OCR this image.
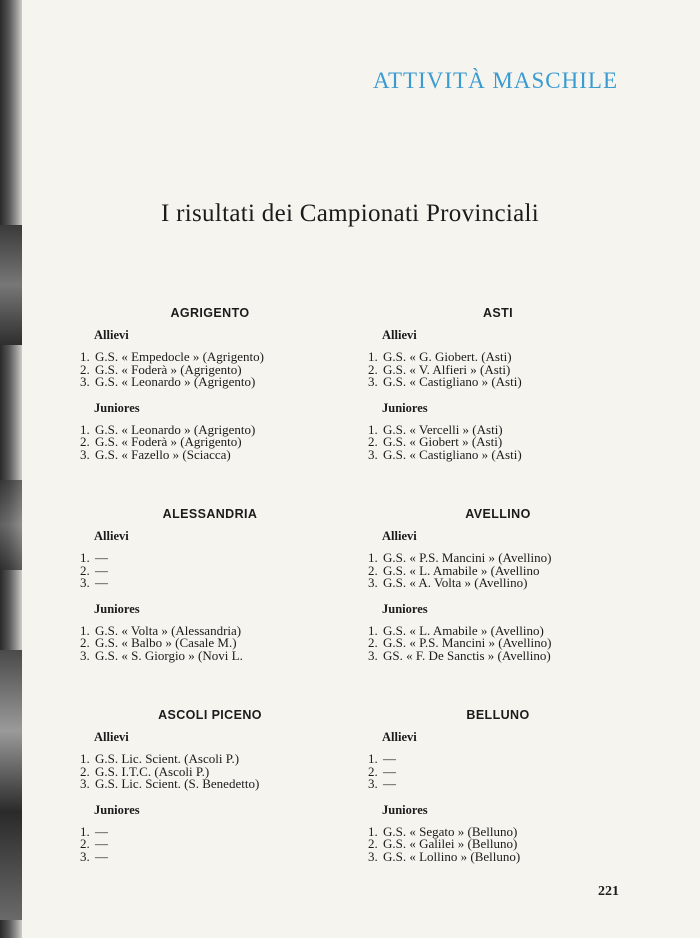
ATTIVITÀ MASCHILE
I risultati dei Campionati Provinciali
AGRIGENTO
Allievi
1. G.S. « Empedocle » (Agrigento)
2. G.S. « Foderà » (Agrigento)
3. G.S. « Leonardo » (Agrigento)
Juniores
1. G.S. « Leonardo » (Agrigento)
2. G.S. « Foderà » (Agrigento)
3. G.S. « Fazello » (Sciacca)
ASTI
Allievi
1. G.S. « G. Giobert. (Asti)
2. G.S. « V. Alfieri » (Asti)
3. G.S. « Castigliano » (Asti)
Juniores
1. G.S. « Vercelli » (Asti)
2. G.S. « Giobert » (Asti)
3. G.S. « Castigliano » (Asti)
ALESSANDRIA
Allievi
1. —
2. —
3. —
Juniores
1. G.S. « Volta » (Alessandria)
2. G.S. « Balbo » (Casale M.)
3. G.S. « S. Giorgio » (Novi L.
AVELLINO
Allievi
1. G.S. « P.S. Mancini » (Avellino)
2. G.S. « L. Amabile » (Avellino
3. G.S. « A. Volta » (Avellino)
Juniores
1. G.S. « L. Amabile » (Avellino)
2. G.S. « P.S. Mancini » (Avellino)
3. GS. « F. De Sanctis » (Avellino)
ASCOLI PICENO
Allievi
1. G.S. Lic. Scient. (Ascoli P.)
2. G.S. I.T.C. (Ascoli P.)
3. G.S. Lic. Scient. (S. Benedetto)
Juniores
1. —
2. —
3. —
BELLUNO
Allievi
1. —
2. —
3. —
Juniores
1. G.S. « Segato » (Belluno)
2. G.S. « Galilei » (Belluno)
3. G.S. « Lollino » (Belluno)
221
